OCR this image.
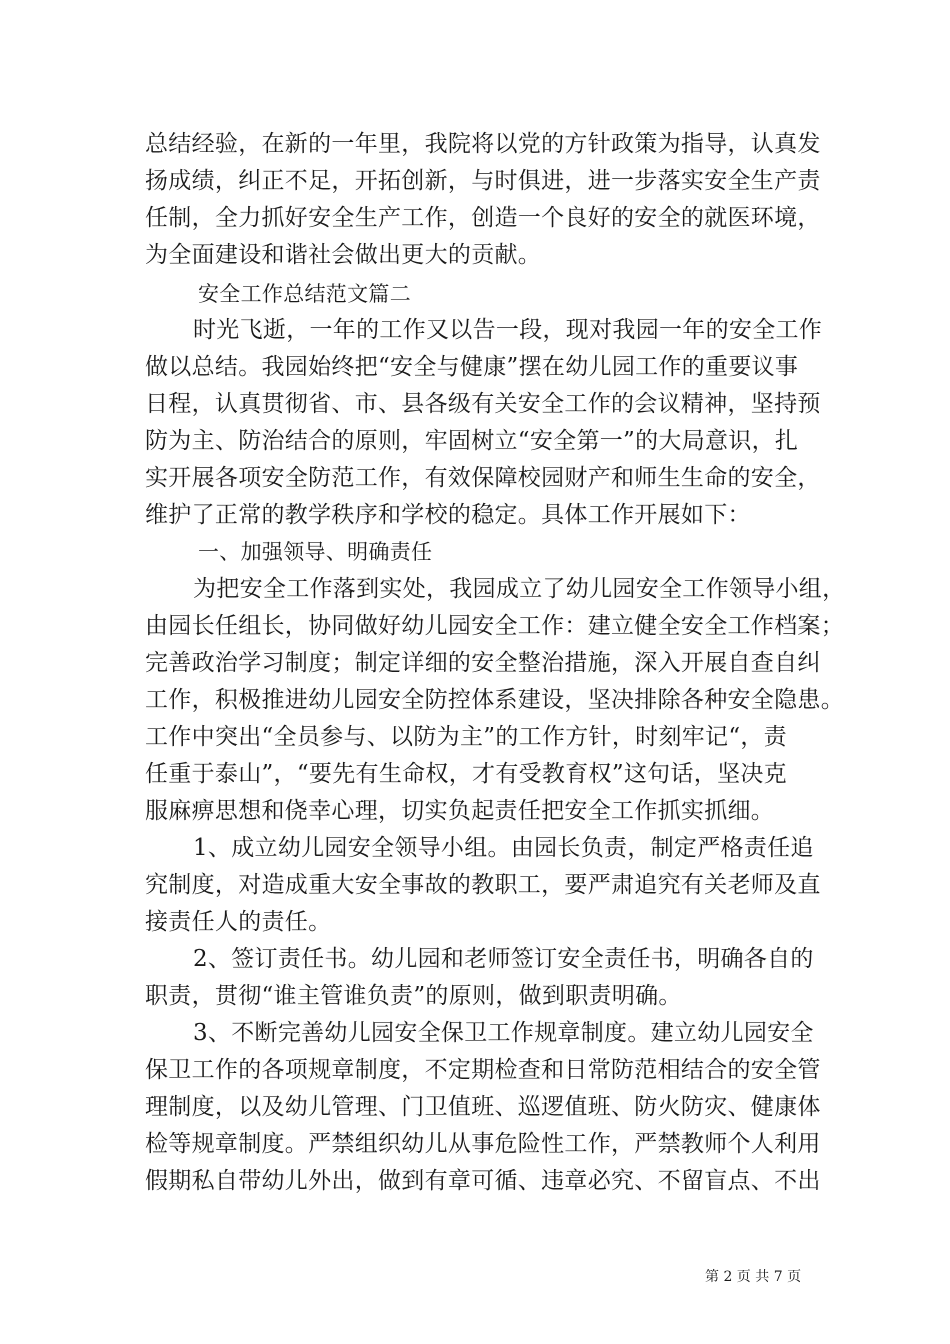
总结经验，在新的一年里，我院将以党的方针政策为指导，认真发
扬成绩，纠正不足，开拓创新，与时俱进，进一步落实安全生产责
任制，全力抓好安全生产工作，创造一个良好的安全的就医环境，
为全面建设和谐社会做出更大的贡献。
安全工作总结范文篇二
时光飞逝，一年的工作又以告一段，现对我园一年的安全工作
做以总结。我园始终把“安全与健康”摆在幼儿园工作的重要议事
日程，认真贯彻省、市、县各级有关安全工作的会议精神，坚持预
防为主、防治结合的原则，牢固树立“安全第一”的大局意识，扎
实开展各项安全防范工作，有效保障校园财产和师生生命的安全，
维护了正常的教学秩序和学校的稳定。具体工作开展如下：
一、加强领导、明确责任
为把安全工作落到实处，我园成立了幼儿园安全工作领导小组，
由园长任组长，协同做好幼儿园安全工作：建立健全安全工作档案；
完善政治学习制度；制定详细的安全整治措施，深入开展自查自纠
工作，积极推进幼儿园安全防控体系建设，坚决排除各种安全隐患。
工作中突出“全员参与、以防为主”的工作方针，时刻牢记“，责
任重于泰山”，“要先有生命权，才有受教育权”这句话，坚决克
服麻痹思想和侥幸心理，切实负起责任把安全工作抓实抓细。
1、成立幼儿园安全领导小组。由园长负责，制定严格责任追
究制度，对造成重大安全事故的教职工，要严肃追究有关老师及直
接责任人的责任。
2、签订责任书。幼儿园和老师签订安全责任书，明确各自的
职责，贯彻“谁主管谁负责”的原则，做到职责明确。
3、不断完善幼儿园安全保卫工作规章制度。建立幼儿园安全
保卫工作的各项规章制度，不定期检查和日常防范相结合的安全管
理制度，以及幼儿管理、门卫值班、巡逻值班、防火防灾、健康体
检等规章制度。严禁组织幼儿从事危险性工作，严禁教师个人利用
假期私自带幼儿外出，做到有章可循、违章必究、不留盲点、不出
第 2 页 共 7 页
